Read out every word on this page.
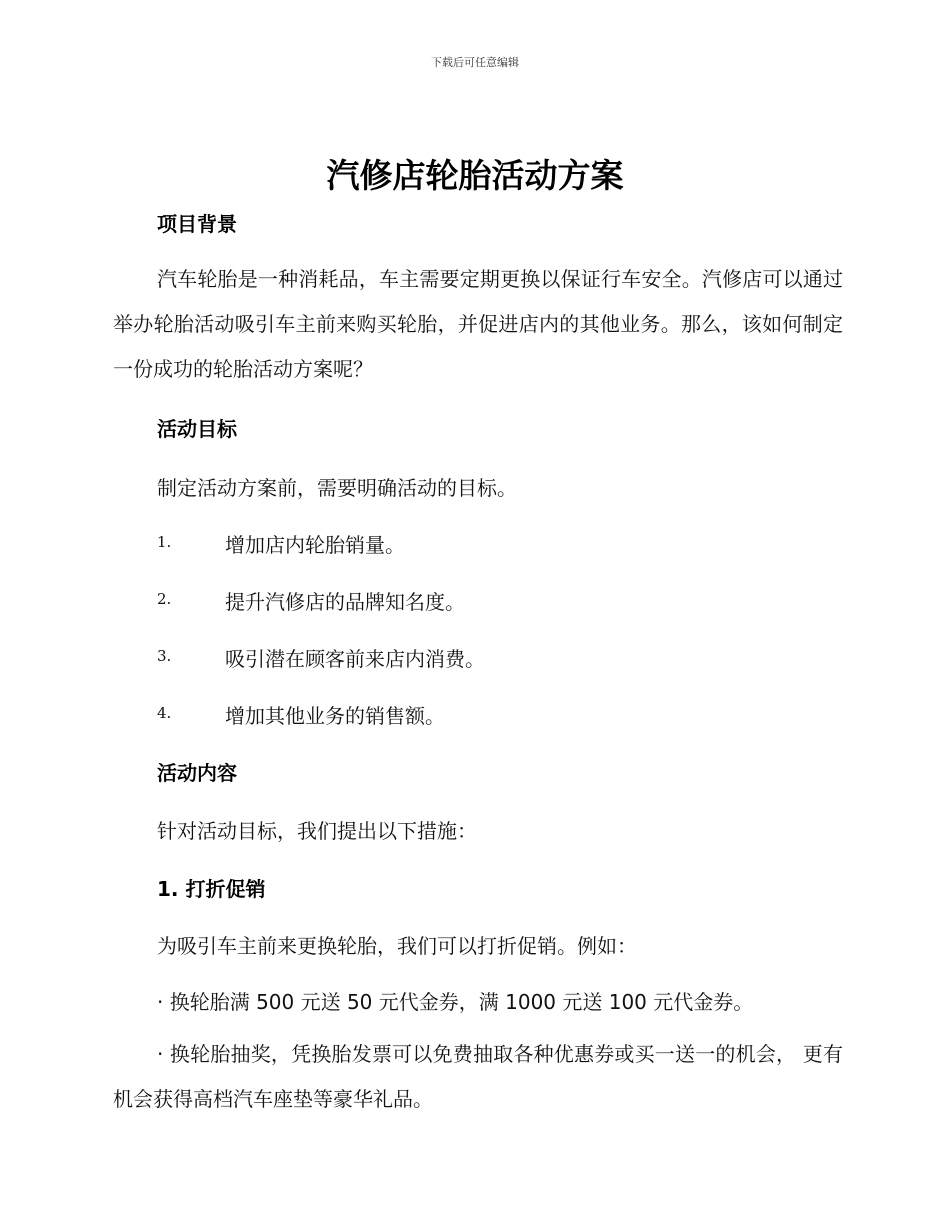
下载后可任意编辑
汽修店轮胎活动方案
项目背景
汽车轮胎是一种消耗品，车主需要定期更换以保证行车安全。汽修店可以通过举办轮胎活动吸引车主前来购买轮胎，并促进店内的其他业务。那么，该如何制定一份成功的轮胎活动方案呢？
活动目标
制定活动方案前，需要明确活动的目标。
1.	增加店内轮胎销量。
2.	提升汽修店的品牌知名度。
3.	吸引潜在顾客前来店内消费。
4.	增加其他业务的销售额。
活动内容
针对活动目标，我们提出以下措施：
1. 打折促销
为吸引车主前来更换轮胎，我们可以打折促销。例如：
· 换轮胎满 500 元送 50 元代金券，满 1000 元送 100 元代金券。
· 换轮胎抽奖，凭换胎发票可以免费抽取各种优惠券或买一送一的机会， 更有机会获得高档汽车座垫等豪华礼品。
